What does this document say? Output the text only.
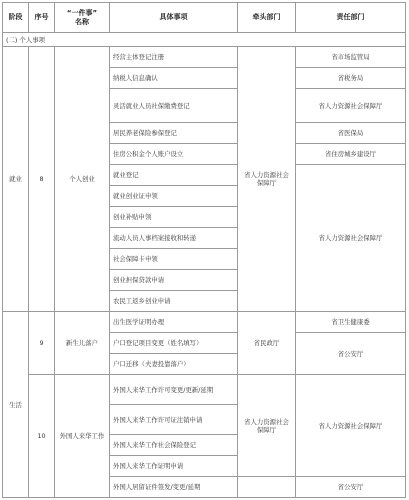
阶段	序号	“一件事”
名称	具体事项	牵头部门	责任部门
(二) 个人事项					
就业	8	个人创业	经营主体登记注册	省人力资源社会保障厅	省市场监管局
			纳税人信息确认		省税务局
			灵活就业人员社保缴费登记		省人力资源社会保障厅
			居民养老保险参保登记		省医保局
			住房公积金个人账户设立		省住房城乡建设厅
			就业登记		省人力资源社会保障厅
			就业创业证申领		
			创业补贴申领		
			流动人员人事档案接收和转递		
			社会保障卡申领		
			创业担保贷款申请		
			农民工返乡创业申请		
生活	9	新生儿落户	出生医学证明办理	省民政厅	省卫生健康委
			户口登记项目变更（姓名填写）		省公安厅
			户口迁移（夫妻投靠落户）		
	10	外国人来华工作	外国人来华工作许可变更/更新/延期	省人力资源社会保障厅	省人力资源社会保障厅
			外国人来华工作许可证注销申请		
			外国人来华工作社会保险登记		
			外国人来华工作证明申请		
			外国人居留证件签发/变更/延期		省公安厅
